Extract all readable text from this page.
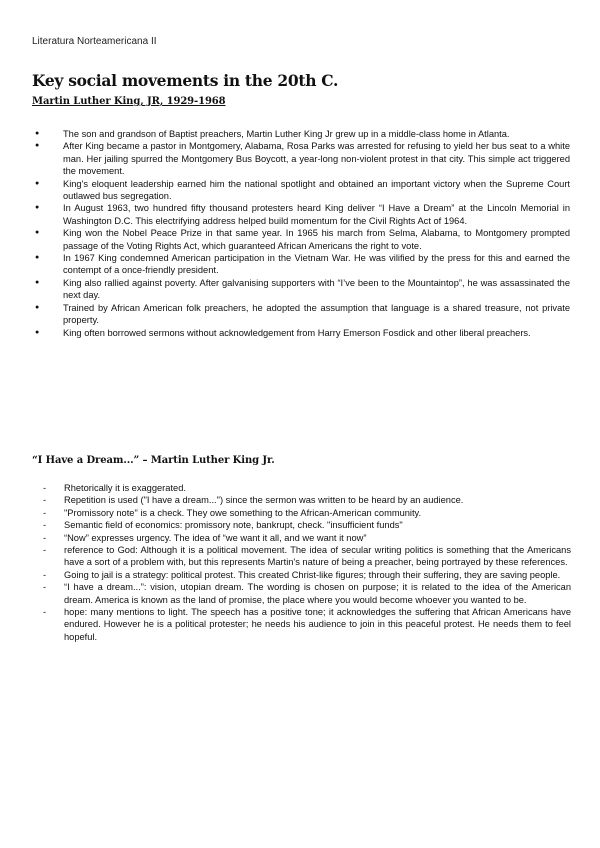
Literatura Norteamericana II
Key social movements in the 20th C.
Martin Luther King, JR, 1929-1968
● The son and grandson of Baptist preachers, Martin Luther King Jr grew up in a middle-class home in Atlanta.
● After King became a pastor in Montgomery, Alabama, Rosa Parks was arrested for refusing to yield her bus seat to a white man. Her jailing spurred the Montgomery Bus Boycott, a year-long non-violent protest in that city. This simple act triggered the movement.
● King's eloquent leadership earned him the national spotlight and obtained an important victory when the Supreme Court outlawed bus segregation.
● In August 1963, two hundred fifty thousand protesters heard King deliver “I Have a Dream” at the Lincoln Memorial in Washington D.C. This electrifying address helped build momentum for the Civil Rights Act of 1964.
● King won the Nobel Peace Prize in that same year. In 1965 his march from Selma, Alabama, to Montgomery prompted passage of the Voting Rights Act, which guaranteed African Americans the right to vote.
● In 1967 King condemned American participation in the Vietnam War. He was vilified by the press for this and earned the contempt of a once-friendly president.
● King also rallied against poverty. After galvanising supporters with “I’ve been to the Mountaintop”, he was assassinated the next day.
● Trained by African American folk preachers, he adopted the assumption that language is a shared treasure, not private property.
● King often borrowed sermons without acknowledgement from Harry Emerson Fosdick and other liberal preachers.
“I Have a Dream...” – Martin Luther King Jr.
- Rhetorically it is exaggerated.
- Repetition is used ("I have a dream...") since the sermon was written to be heard by an audience.
- "Promissory note" is a check. They owe something to the African-American community.
- Semantic field of economics: promissory note, bankrupt, check. "insufficient funds"
- “Now” expresses urgency. The idea of “we want it all, and we want it now”
- reference to God: Although it is a political movement. The idea of secular writing politics is something that the Americans have a sort of a problem with, but this represents Martin's nature of being a preacher, being portrayed by these references.
- Going to jail is a strategy: political protest. This created Christ-like figures; through their suffering, they are saving people.
- “I have a dream...”: vision, utopian dream. The wording is chosen on purpose; it is related to the idea of the American dream. America is known as the land of promise, the place where you would become whoever you wanted to be.
- hope: many mentions to light. The speech has a positive tone; it acknowledges the suffering that African Americans have endured. However he is a political protester; he needs his audience to join in this peaceful protest. He needs them to feel hopeful.
